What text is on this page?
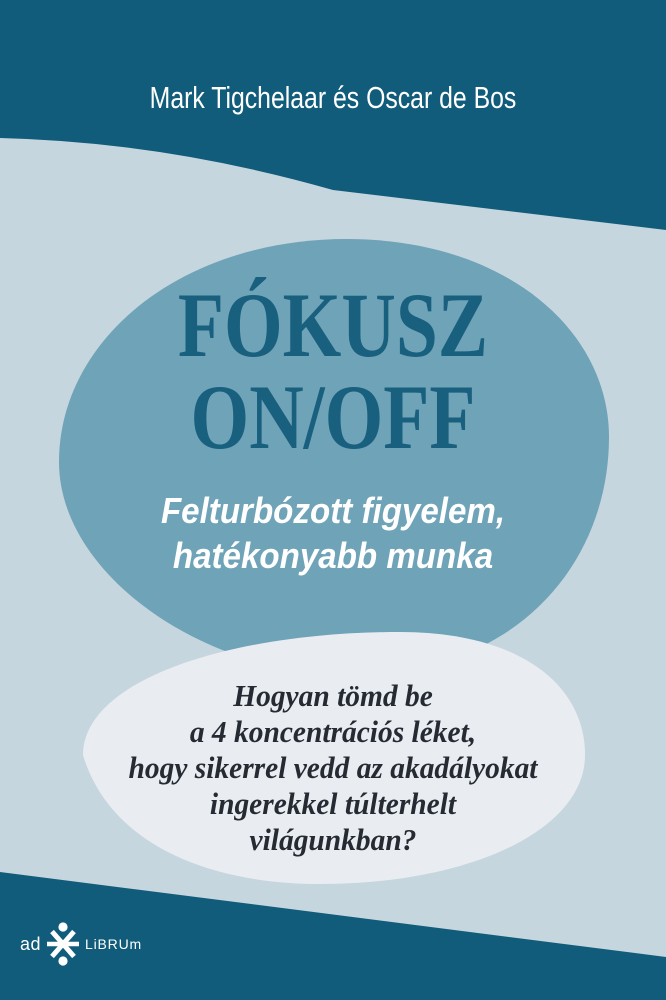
Mark Tigchelaar és Oscar de Bos
FÓKUSZ
ON/OFF
Felturbózott figyelem,
hatékonyabb munka
Hogyan tömd be
a 4 koncentrációs léket,
hogy sikerrel vedd az akadályokat
ingerekkel túlterhelt
világunkban?
ad	LiBRUm
